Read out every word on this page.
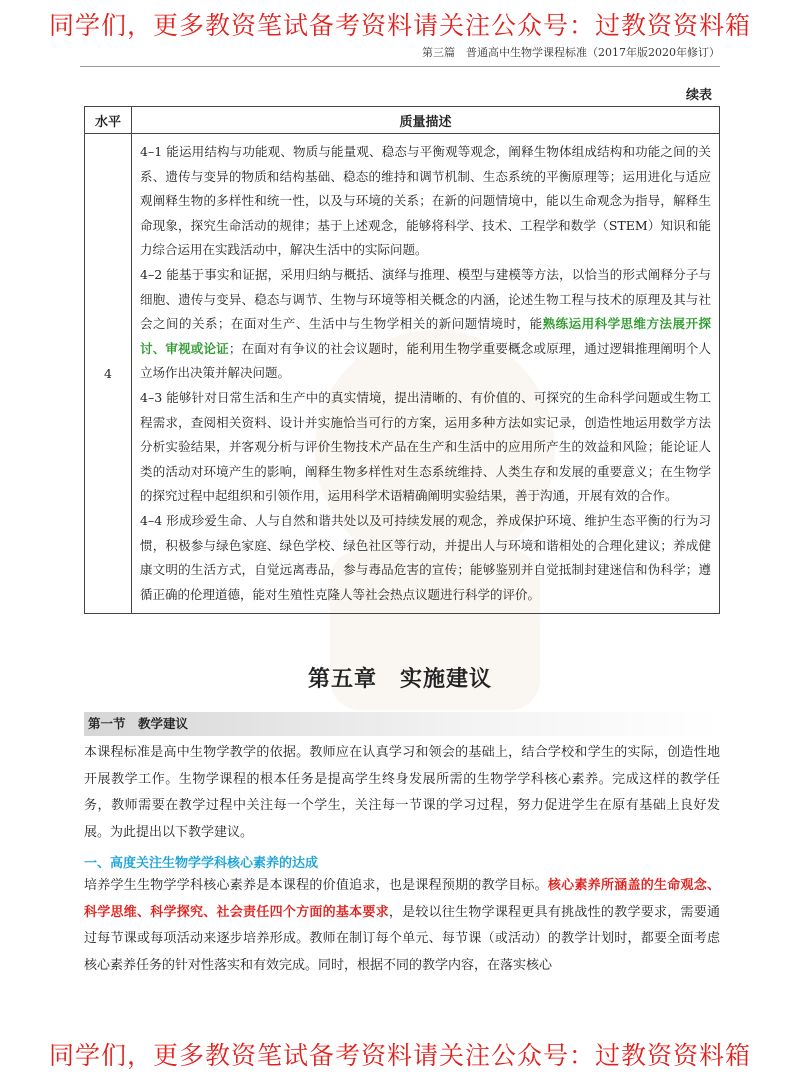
同学们，更多教资笔试备考资料请关注公众号：过教资资料箱
第三篇　普通高中生物学课程标准（2017年版2020年修订）
续表
水平	质量描述
4	4–1 能运用结构与功能观、物质与能量观、稳态与平衡观等观念，阐释生物体组成结构和功能之间的关系、遗传与变异的物质和结构基础、稳态的维持和调节机制、生态系统的平衡原理等；运用进化与适应观阐释生物的多样性和统一性，以及与环境的关系；在新的问题情境中，能以生命观念为指导，解释生命现象，探究生命活动的规律；基于上述观念，能够将科学、技术、工程学和数学（STEM）知识和能力综合运用在实践活动中，解决生活中的实际问题。

4–2 能基于事实和证据，采用归纳与概括、演绎与推理、模型与建模等方法，以恰当的形式阐释分子与细胞、遗传与变异、稳态与调节、生物与环境等相关概念的内涵，论述生物工程与技术的原理及其与社会之间的关系；在面对生产、生活中与生物学相关的新问题情境时，能熟练运用科学思维方法展开探讨、审视或论证；在面对有争议的社会议题时，能利用生物学重要概念或原理，通过逻辑推理阐明个人立场作出决策并解决问题。

4–3 能够针对日常生活和生产中的真实情境，提出清晰的、有价值的、可探究的生命科学问题或生物工程需求，查阅相关资料、设计并实施恰当可行的方案，运用多种方法如实记录，创造性地运用数学方法分析实验结果，并客观分析与评价生物技术产品在生产和生活中的应用所产生的效益和风险；能论证人类的活动对环境产生的影响，阐释生物多样性对生态系统维持、人类生存和发展的重要意义；在生物学的探究过程中起组织和引领作用，运用科学术语精确阐明实验结果，善于沟通，开展有效的合作。

4–4 形成珍爱生命、人与自然和谐共处以及可持续发展的观念，养成保护环境、维护生态平衡的行为习惯，积极参与绿色家庭、绿色学校、绿色社区等行动，并提出人与环境和谐相处的合理化建议；养成健康文明的生活方式，自觉远离毒品，参与毒品危害的宣传；能够鉴别并自觉抵制封建迷信和伪科学；遵循正确的伦理道德，能对生殖性克隆人等社会热点议题进行科学的评价。

第五章　实施建议
第一节　教学建议
本课程标准是高中生物学教学的依据。教师应在认真学习和领会的基础上，结合学校和学生的实际，创造性地开展教学工作。生物学课程的根本任务是提高学生终身发展所需的生物学学科核心素养。完成这样的教学任务，教师需要在教学过程中关注每一个学生，关注每一节课的学习过程，努力促进学生在原有基础上良好发展。为此提出以下教学建议。
一、高度关注生物学学科核心素养的达成
培养学生生物学学科核心素养是本课程的价值追求，也是课程预期的教学目标。核心素养所涵盖的生命观念、科学思维、科学探究、社会责任四个方面的基本要求，是较以往生物学课程更具有挑战性的教学要求，需要通过每节课或每项活动来逐步培养形成。教师在制订每个单元、每节课（或活动）的教学计划时，都要全面考虑核心素养任务的针对性落实和有效完成。同时，根据不同的教学内容，在落实核心
同学们，更多教资笔试备考资料请关注公众号：过教资资料箱
